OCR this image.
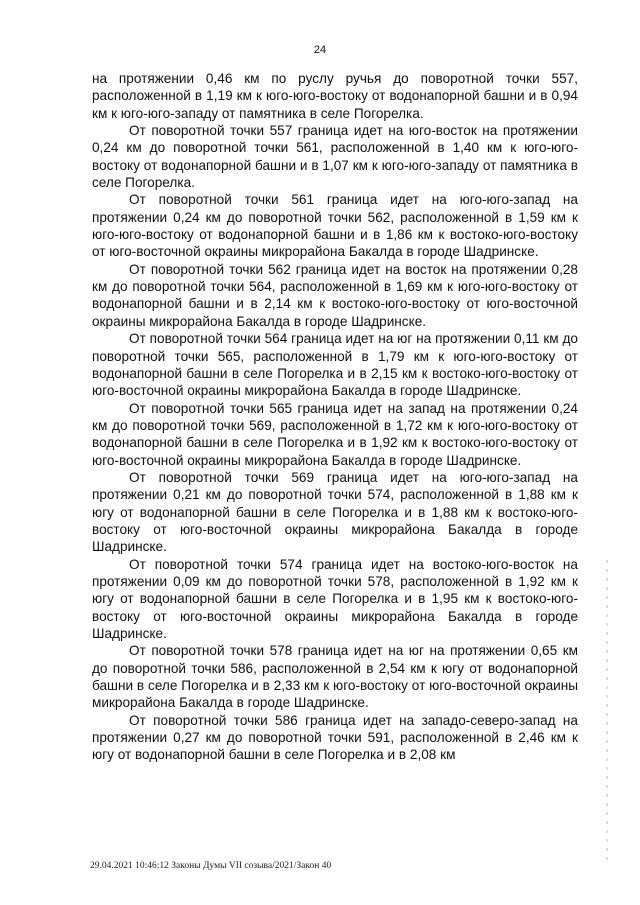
24

на протяжении 0,46 км по руслу ручья до поворотной точки 557, расположенной в 1,19 км к юго-юго-востоку от водонапорной башни и в 0,94 км к юго-юго-западу от памятника в селе Погорелка.

От поворотной точки 557 граница идет на юго-восток на протяжении 0,24 км до поворотной точки 561, расположенной в 1,40 км к юго-юго-востоку от водонапорной башни и в 1,07 км к юго-юго-западу от памятника в селе Погорелка.

От поворотной точки 561 граница идет на юго-юго-запад на протяжении 0,24 км до поворотной точки 562, расположенной в 1,59 км к юго-юго-востоку от водонапорной башни и в 1,86 км к востоко-юго-востоку от юго-восточной окраины микрорайона Бакалда в городе Шадринске.

От поворотной точки 562 граница идет на восток на протяжении 0,28 км до поворотной точки 564, расположенной в 1,69 км к юго-юго-востоку от водонапорной башни и в 2,14 км к востоко-юго-востоку от юго-восточной окраины микрорайона Бакалда в городе Шадринске.

От поворотной точки 564 граница идет на юг на протяжении 0,11 км до поворотной точки 565, расположенной в 1,79 км к юго-юго-востоку от водонапорной башни в селе Погорелка и в 2,15 км к востоко-юго-востоку от юго-восточной окраины микрорайона Бакалда в городе Шадринске.

От поворотной точки 565 граница идет на запад на протяжении 0,24 км до поворотной точки 569, расположенной в 1,72 км к юго-юго-востоку от водонапорной башни в селе Погорелка и в 1,92 км к востоко-юго-востоку от юго-восточной окраины микрорайона Бакалда в городе Шадринске.

От поворотной точки 569 граница идет на юго-юго-запад на протяжении 0,21 км до поворотной точки 574, расположенной в 1,88 км к югу от водонапорной башни в селе Погорелка и в 1,88 км к востоко-юго-востоку от юго-восточной окраины микрорайона Бакалда в городе Шадринске.

От поворотной точки 574 граница идет на востоко-юго-восток на протяжении 0,09 км до поворотной точки 578, расположенной в 1,92 км к югу от водонапорной башни в селе Погорелка и в 1,95 км к востоко-юго-востоку от юго-восточной окраины микрорайона Бакалда в городе Шадринске.

От поворотной точки 578 граница идет на юг на протяжении 0,65 км до поворотной точки 586, расположенной в 2,54 км к югу от водонапорной башни в селе Погорелка и в 2,33 км к юго-востоку от юго-восточной окраины микрорайона Бакалда в городе Шадринске.

От поворотной точки 586 граница идет на западо-северо-запад на протяжении 0,27 км до поворотной точки 591, расположенной в 2,46 км к югу от водонапорной башни в селе Погорелка и в 2,08 км

29.04.2021 10:46:12 Законы Думы VII созыва/2021/Закон 40
